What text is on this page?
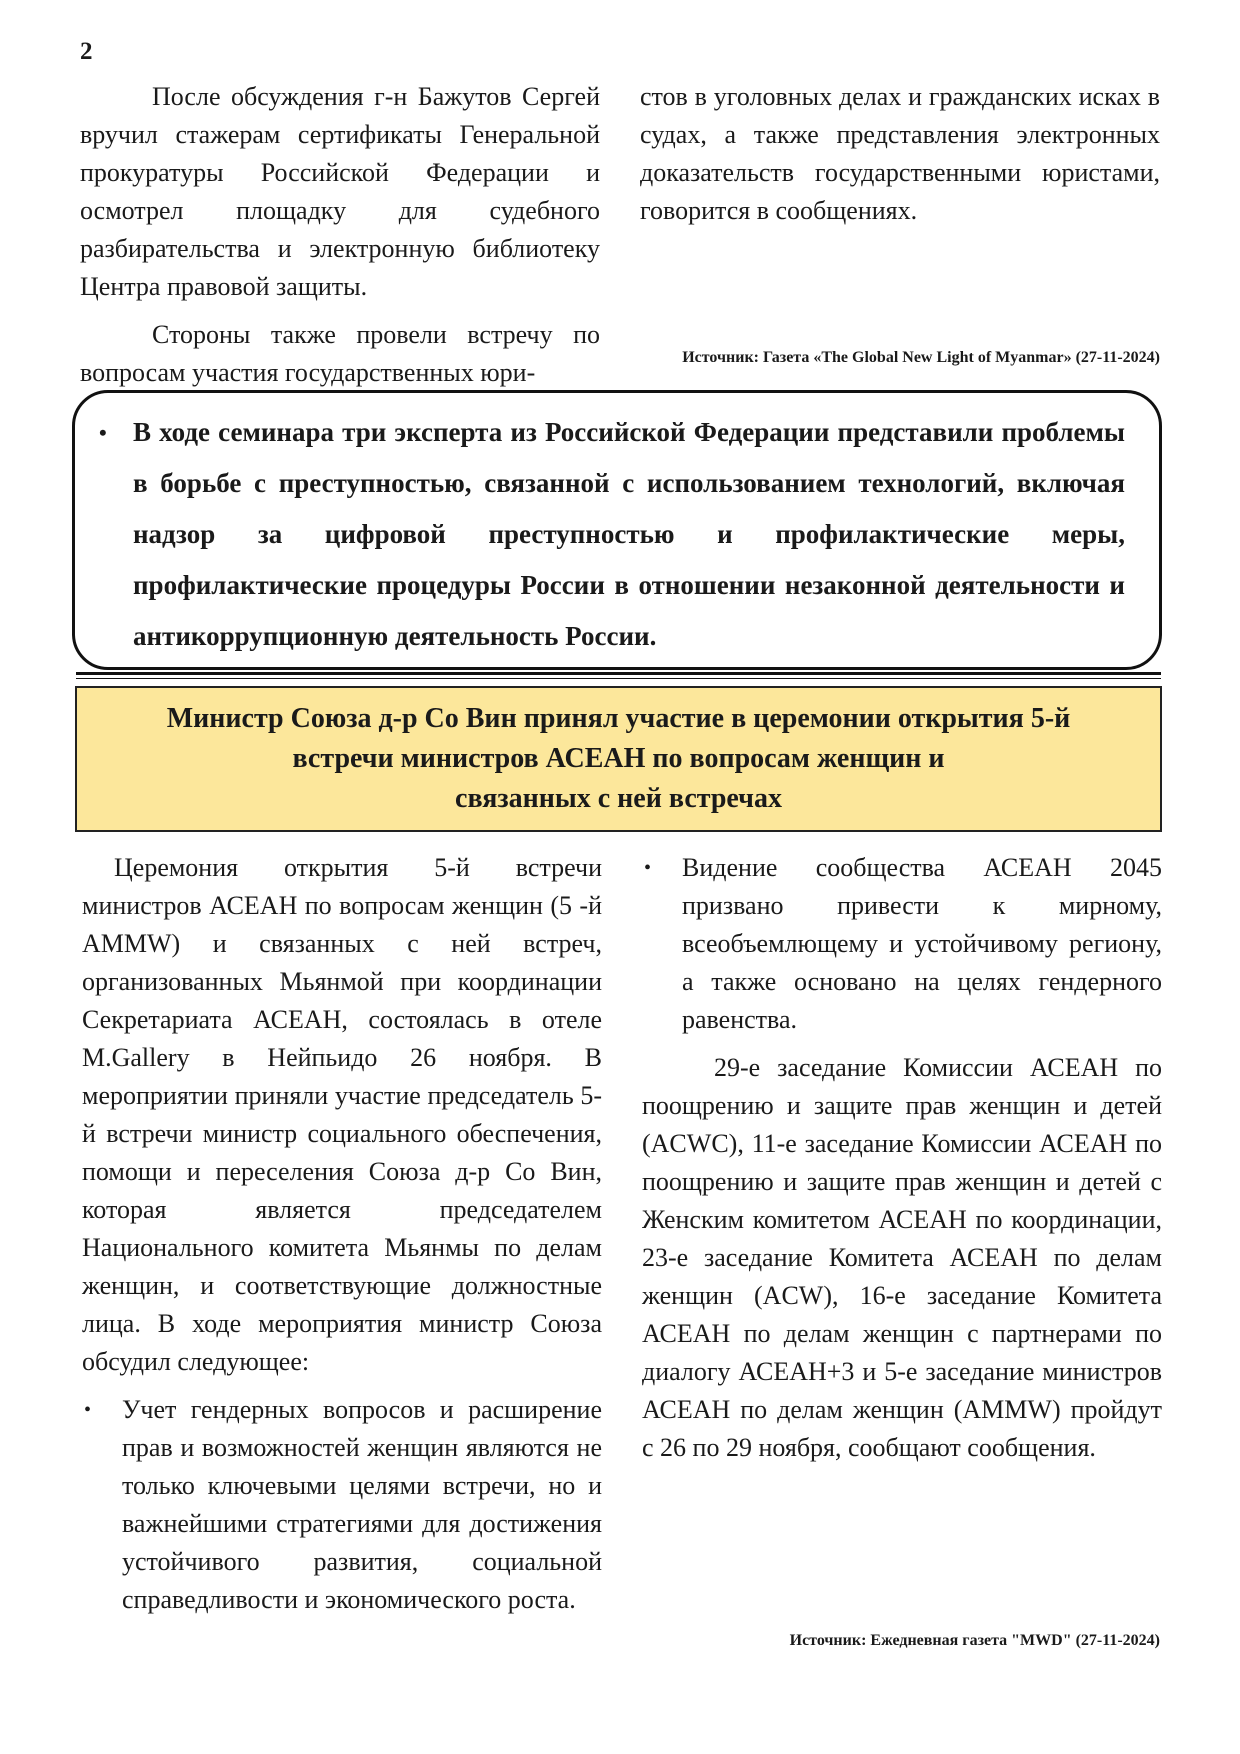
2

После обсуждения г-н Бажутов Сергей вручил стажерам сертификаты Генеральной прокуратуры Российской Федерации и осмотрел площадку для судебного разбирательства и электронную библиотеку Центра правовой защиты.

Стороны также провели встречу по вопросам участия государственных юри-

стов в уголовных делах и гражданских исках в судах, а также представления электронных доказательств государственными юристами, говорится в сообщениях.

Источник: Газета «The Global New Light of Myanmar» (27-11-2024)
• В ходе семинара три эксперта из Российской Федерации представили проблемы в борьбе с преступностью, связанной с использованием технологий, включая надзор за цифровой преступностью и профилактические меры, профилактические процедуры России в отношении незаконной деятельности и антикоррупционную деятельность России.
Министр Союза д-р Со Вин принял участие в церемонии открытия 5-й
встречи министров АСЕАН по вопросам женщин и
связанных с ней встречах

Церемония открытия 5-й встречи министров АСЕАН по вопросам женщин (5 -й AMMW) и связанных с ней встреч, организованных Мьянмой при координации Секретариата АСЕАН, состоялась в отеле M.Gallery в Нейпьидо 26 ноября. В мероприятии приняли участие председатель 5-й встречи министр социального обеспечения, помощи и переселения Союза д-р Со Вин, которая является председателем Национального комитета Мьянмы по делам женщин, и соответствующие должностные лица. В ходе мероприятия министр Союза обсудил следующее:

• Учет гендерных вопросов и расширение прав и возможностей женщин являются не только ключевыми целями встречи, но и важнейшими стратегиями для достижения устойчивого развития, социальной справедливости и экономического роста.

• Видение сообщества АСЕАН 2045 призвано привести к мирному, всеобъемлющему и устойчивому региону, а также основано на целях гендерного равенства.

29-е заседание Комиссии АСЕАН по поощрению и защите прав женщин и детей (ACWC), 11-е заседание Комиссии АСЕАН по поощрению и защите прав женщин и детей с Женским комитетом АСЕАН по координации, 23-е заседание Комитета АСЕАН по делам женщин (ACW), 16-е заседание Комитета АСЕАН по делам женщин с партнерами по диалогу АСЕАН+3 и 5-е заседание министров АСЕАН по делам женщин (AMMW) пройдут с 26 по 29 ноября, сообщают сообщения.

Источник: Ежедневная газета "MWD" (27-11-2024)
